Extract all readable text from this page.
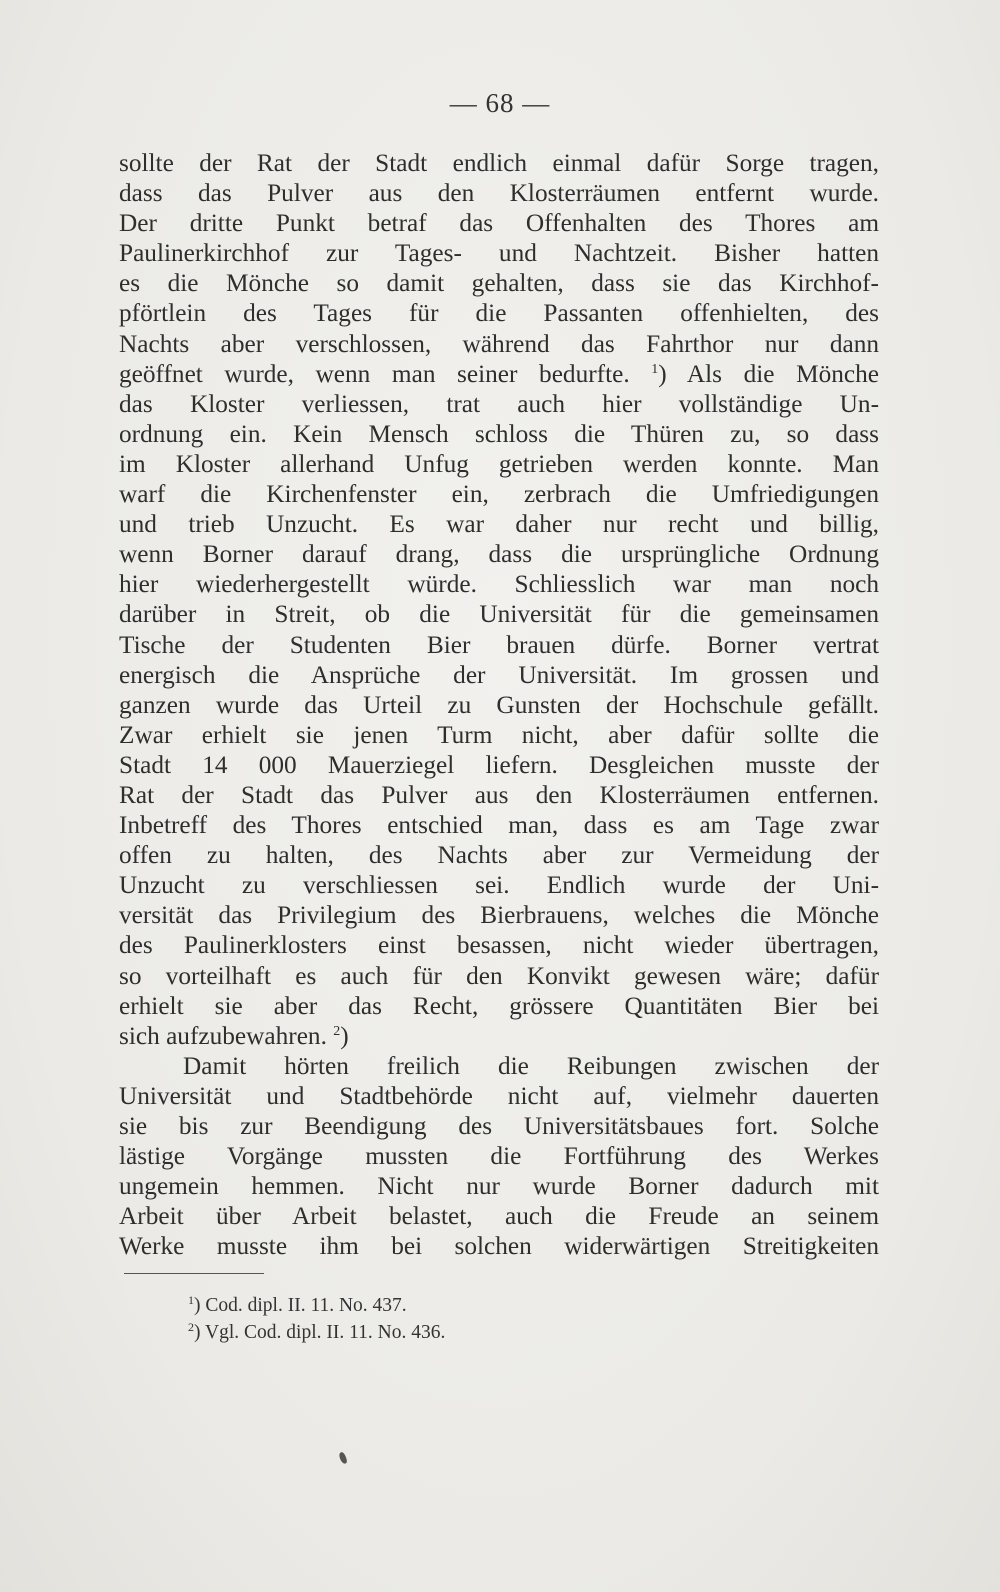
— 68 —
sollte der Rat der Stadt endlich einmal dafür Sorge tragen,
dass das Pulver aus den Klosterräumen entfernt wurde.
Der dritte Punkt betraf das Offenhalten des Thores am
Paulinerkirchhof zur Tages- und Nachtzeit. Bisher hatten
es die Mönche so damit gehalten, dass sie das Kirchhof-
pförtlein des Tages für die Passanten offenhielten, des
Nachts aber verschlossen, während das Fahrthor nur dann
geöffnet wurde, wenn man seiner bedurfte. $^1$) Als die Mönche
das Kloster verliessen, trat auch hier vollständige Un-
ordnung ein. Kein Mensch schloss die Thüren zu, so dass
im Kloster allerhand Unfug getrieben werden konnte. Man
warf die Kirchenfenster ein, zerbrach die Umfriedigungen
und trieb Unzucht. Es war daher nur recht und billig,
wenn Borner darauf drang, dass die ursprüngliche Ordnung
hier wiederhergestellt würde. Schliesslich war man noch
darüber in Streit, ob die Universität für die gemeinsamen
Tische der Studenten Bier brauen dürfe. Borner vertrat
energisch die Ansprüche der Universität. Im grossen und
ganzen wurde das Urteil zu Gunsten der Hochschule gefällt.
Zwar erhielt sie jenen Turm nicht, aber dafür sollte die
Stadt 14 000 Mauerziegel liefern. Desgleichen musste der
Rat der Stadt das Pulver aus den Klosterräumen entfernen.
Inbetreff des Thores entschied man, dass es am Tage zwar
offen zu halten, des Nachts aber zur Vermeidung der
Unzucht zu verschliessen sei. Endlich wurde der Uni-
versität das Privilegium des Bierbrauens, welches die Mönche
des Paulinerklosters einst besassen, nicht wieder übertragen,
so vorteilhaft es auch für den Konvikt gewesen wäre; dafür
erhielt sie aber das Recht, grössere Quantitäten Bier bei
sich aufzubewahren. $^2$)
Damit hörten freilich die Reibungen zwischen der
Universität und Stadtbehörde nicht auf, vielmehr dauerten
sie bis zur Beendigung des Universitätsbaues fort. Solche
lästige Vorgänge mussten die Fortführung des Werkes
ungemein hemmen. Nicht nur wurde Borner dadurch mit
Arbeit über Arbeit belastet, auch die Freude an seinem
Werke musste ihm bei solchen widerwärtigen Streitigkeiten
$^1$) Cod. dipl. II. 11. No. 437.
$^2$) Vgl. Cod. dipl. II. 11. No. 436.
